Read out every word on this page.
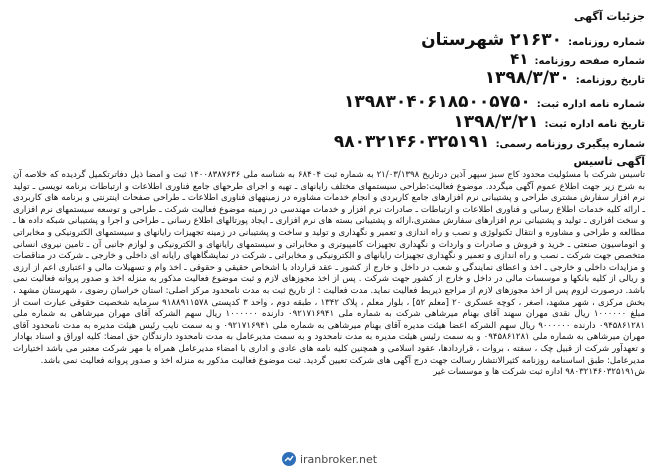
جزئیات آگهی
شماره روزنامه:
۲۱۶۳۰
شهرستان
شماره صفحه روزنامه:
۴۱
تاریخ روزنامه:
۱۳۹۸/۳/۳۰
شماره نامه اداره ثبت:
۱۳۹۸۳۰۴۰۶۱۸۵۰۰۵۷۵۰
تاریخ نامه اداره ثبت:
۱۳۹۸/۳/۲۱
شماره پیگیری روزنامه رسمی:
۹۸۰۳۲۱۴۶۰۳۲۵۱۹۱
آگهی تاسیس
تاسیس شرکت با مسئولیت محدود کاج سبز سپهر آذین درتاریخ ۲۱/۰۳/۱۳۹۸ به شماره ثبت ۶۸۴۰۴ به شناسه ملی ۱۴۰۰۸۳۸۷۶۳۶ ثبت و امضا ذیل دفاترتکمیل گردیده که خلاصه آن به شرح زیر جهت اطلاع عموم آگهی میگردد. موضوع فعالیت:طراحی سیستمهای مختلف رایانهای ـ تهیه و اجرای طرحهای جامع فناوری اطلاعات و ارتباطات برنامه نویسی ـ تولید نرم افزار سفارش مشتری طراحی و پشتیبانی نرم افزارهای جامع کاربردی و انجام خدمات مشاوره در زمینههای فناوری اطلاعات ـ طراحی صفحات اینترنتی و برنامه های کاربردی ـ ارائه کلیه خدمات اطلاع رسانی و فناوری اطلاعات و ارتباطات ـ صادرات نرم افزار و خدمات مهندسی در زمینه موضوع فعالیت شرکت ـ طراحی و توسعه سیستمهای نرم افزاری و سخت افزاری ـ تولید و پشتیبانی نرم افزارهای سفارش مشتری،ارائه و پشتیبانی بسته های نرم افزاری ـ ایجاد پورتالهای اطلاع رسانی ـ طراحی و اجرا و پشتیبانی شبکه داده ها ـ مطالعه و طراحی و مشاوره و انتقال تکنولوژی و نصب و راه اندازی و تعمیر و نگهداری و تولید و ساخت و پشتیبانی در زمینه تجهیزات رایانهای و سیستمهای الکترونیکی و مخابراتی و اتوماسیون صنعتی ـ خرید و فروش و صادرات و واردات و نگهداری تجهیزات کامپیوتری و مخابراتی و سیستمهای رایانهای و الکترونیکی و لوازم جانبی آن ـ تامین نیروی انسانی متخصص جهت شرکت ـ نصب و راه اندازی و تعمیر و نگهداری تجهیزات رایانهای و الکترونیکی و مخابراتی ـ شرکت در نمایشگاههای رایانه ای داخلی و خارجی ـ شرکت در مناقصات و مزایدات داخلی و خارجی ـ اخذ و اعطای نمایندگی و شعب در داخل و خارج از کشور ـ عقد قرارداد با اشخاص حقیقی و حقوقی ـ اخذ وام و تسهیلات مالی و اعتباری اعم از ارزی و ریالی از کلیه بانکها و موسسات مالی در داخل و خارج از کشور جهت شرکت . پس از اخذ مجوزهای لازم و ثبت موضوع فعالیت مذکور به منزله اخذ و صدور پروانه فعالیت نمی باشد. درصورت لزوم پس از اخذ مجوزهای لازم از مراجع ذیربط فعالیت نماید. مدت فعالیت : از تاریخ ثبت به مدت نامحدود مرکز اصلی: استان خراسان رضوی ، شهرستان مشهد ، بخش مرکزی ، شهر مشهد، اصغر ، کوچه عسکری ۲۰ [معلم ۵۲] ، بلوار معلم ، پلاک ۱۳۴۲ ، طبقه دوم ، واحد ۳ کدپستی ۹۱۸۸۹۱۱۵۷۸ سرمایه شخصیت حقوقی عبارت است از مبلغ ۱۰۰۰۰۰۰ ریال نقدی مهران سهند آقای بهنام میرشاهی شرکت به شماره ملی ۰۹۲۱۷۱۶۹۴۱ دارنده ۱۰۰۰۰۰۰ ریال سهم الشرکه آقای مهران میرشاهی به شماره ملی ۰۹۴۵۸۶۱۲۸۱ دارنده ۹۰۰۰۰۰۰ ریال سهم الشرکه اعضا هیئت مدیره آقای بهنام میرشاهی به شماره ملی ۰۹۲۱۷۱۶۹۴۱ و به سمت نایب رئیس هیئت مدیره به مدت نامحدود آقای مهران میرشاهی به شماره ملی ۰۹۴۵۸۶۱۲۸۱ و به سمت رئیس هیئت مدیره به مدت نامحدود و به سمت مدیرعامل به مدت نامحدود دارندگان حق امضا: کلیه اوراق و اسناد بهادار و تعهدآور شرکت از قبیل چک ، سفته ، بروات ، قراردادها، عقود اسلامی و همچنین کلیه نامه های عادی و اداری با امضاء مدیرعامل همراه با مهر شرکت معتبر می باشد اختیارات مدیرعامل: طبق اساسنامه روزنامه کثیرالانتشار رسالت جهت درج آگهی های شرکت تعیین گردید. ثبت موضوع فعالیت مذکور به منزله اخذ و صدور پروانه فعالیت نمی باشد.
ش۹۸۰۳۲۱۴۶۰۳۲۵۱۹۱ اداره ثبت شرکت ها و موسسات غیر
iranbroker.net
